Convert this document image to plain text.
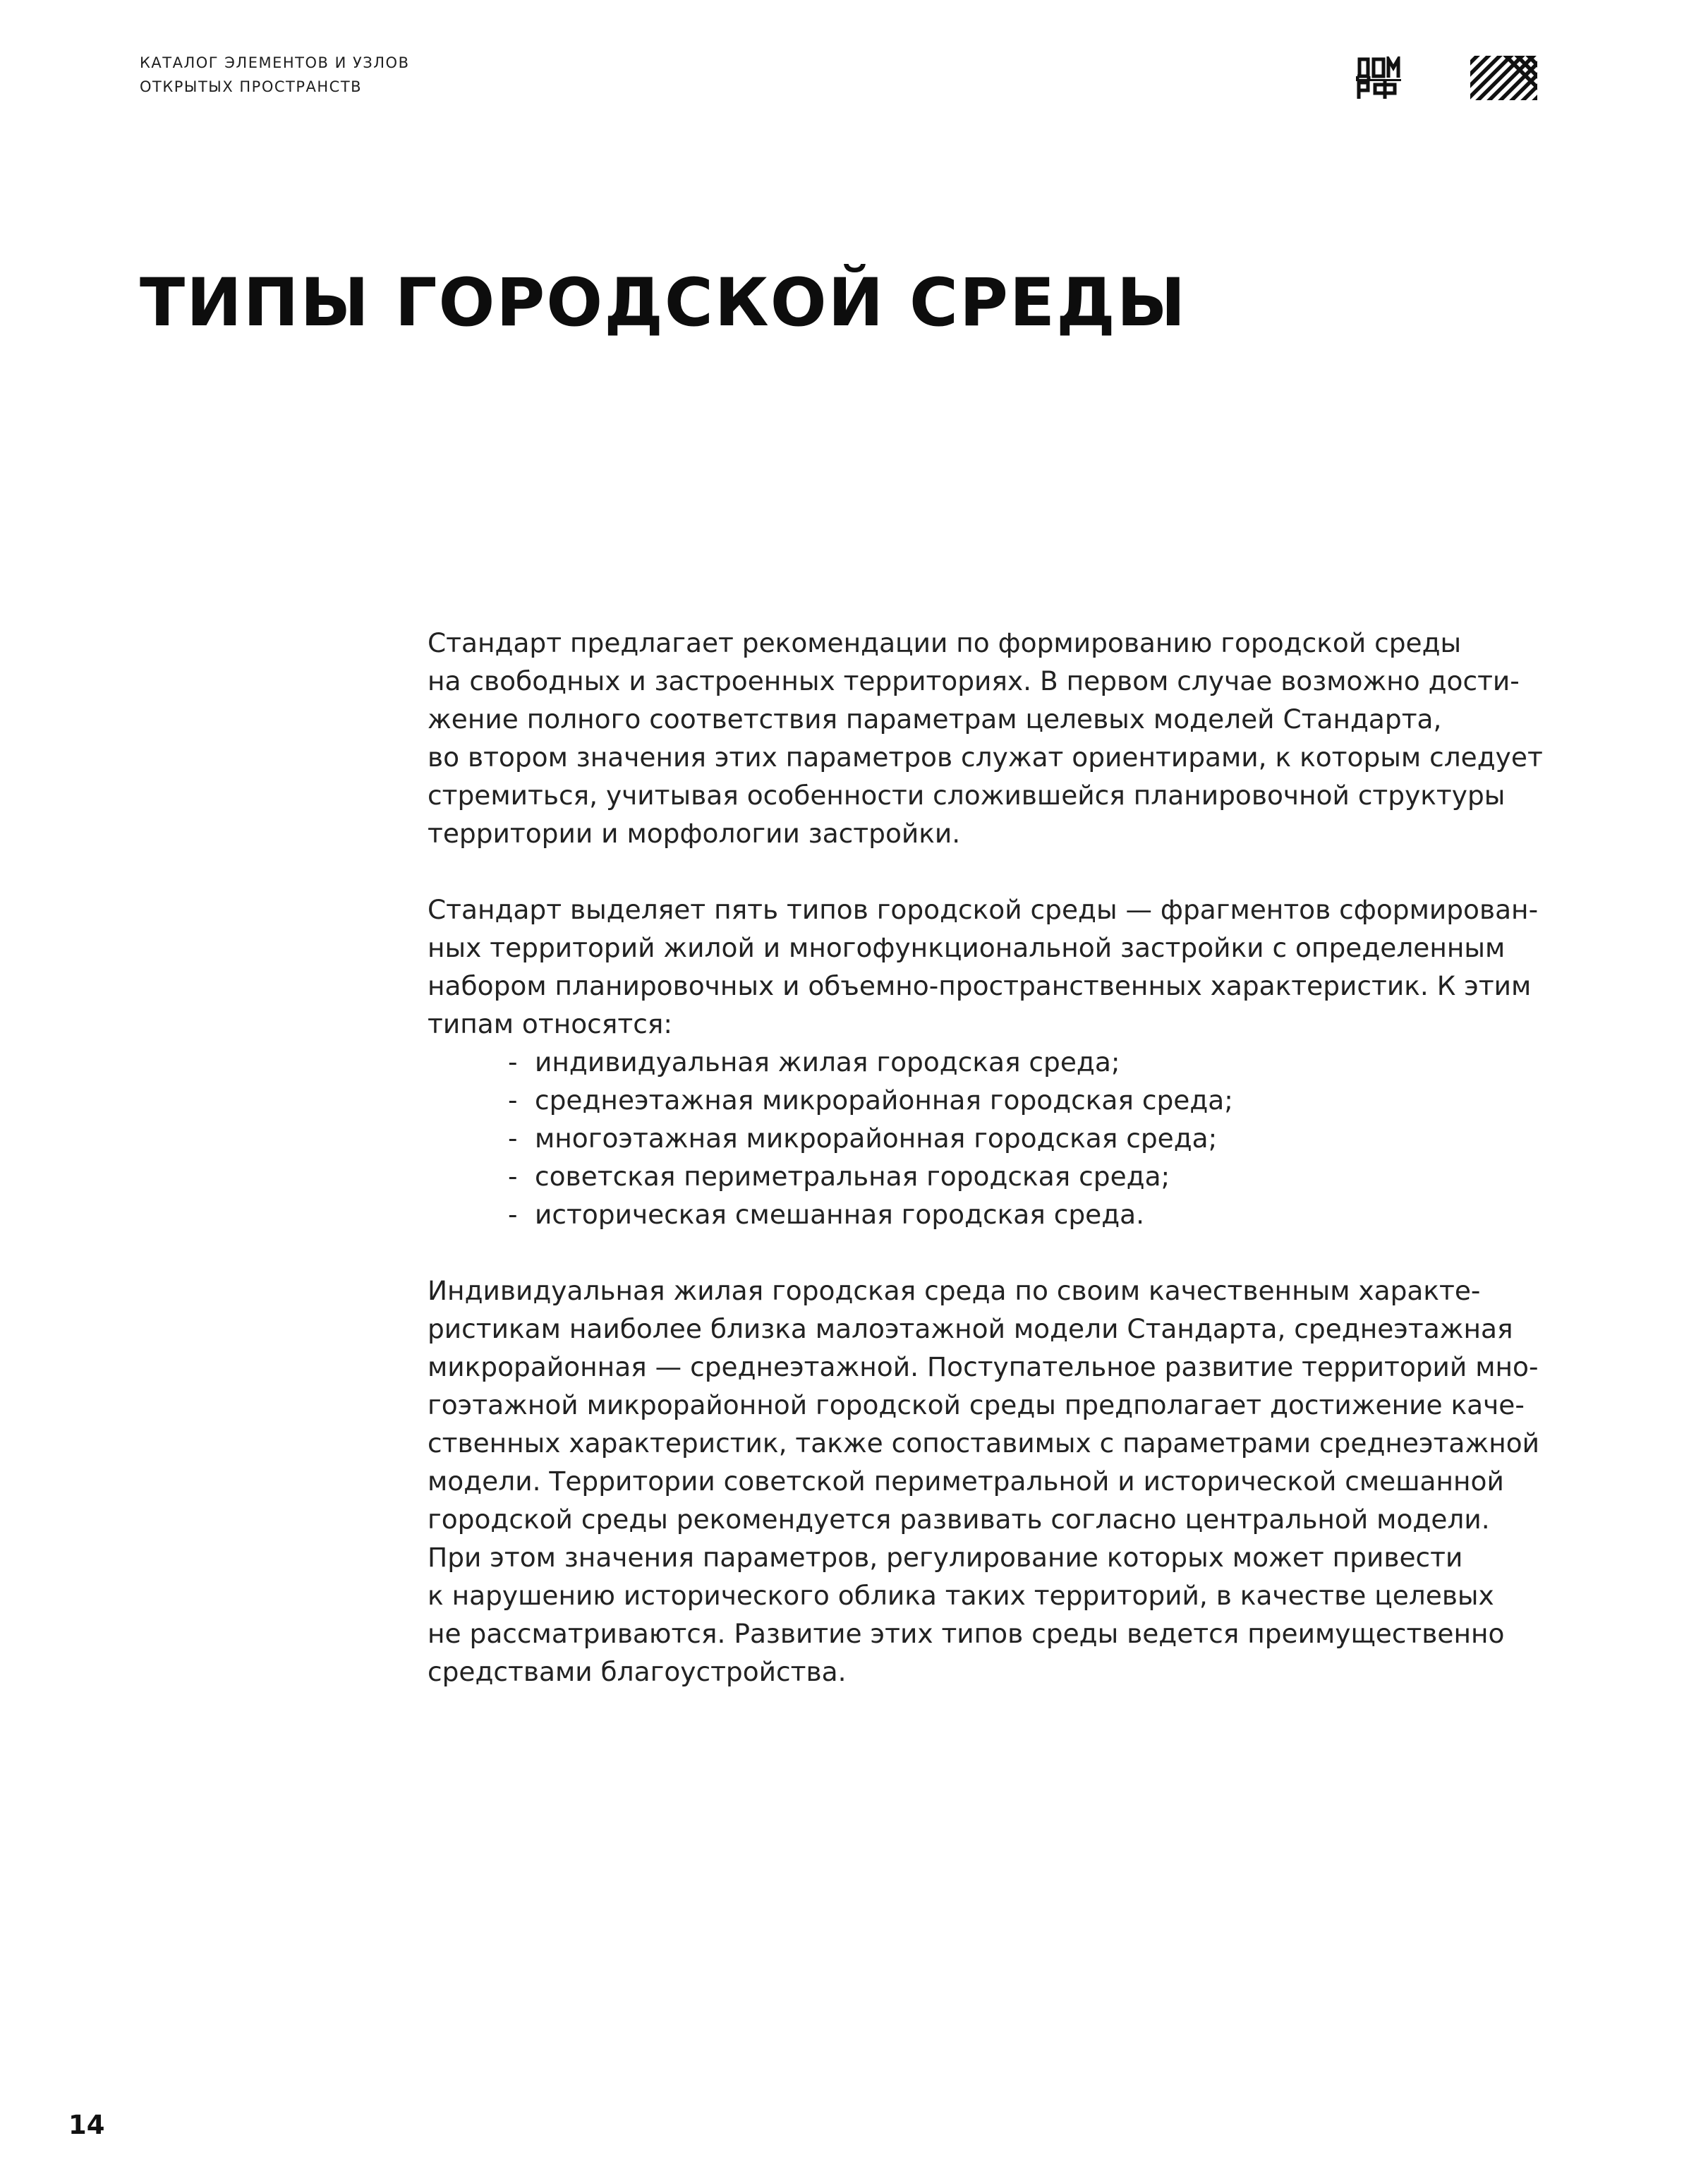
КАТАЛОГ ЭЛЕМЕНТОВ И УЗЛОВ
ОТКРЫТЫХ ПРОСТРАНСТВ
ТИПЫ ГОРОДСКОЙ СРЕДЫ

Стандарт предлагает рекомендации по формированию городской среды
на свободных и застроенных территориях. В первом случае возможно дости-
жение полного соответствия параметрам целевых моделей Стандарта,
во втором значения этих параметров служат ориентирами, к которым следует
стремиться, учитывая особенности сложившейся планировочной структуры
территории и морфологии застройки.

Стандарт выделяет пять типов городской среды — фрагментов сформирован-
ных территорий жилой и многофункциональной застройки с определенным
набором планировочных и объемно-пространственных характеристик. К этим
типам относятся:

- индивидуальная жилая городская среда;
- среднеэтажная микрорайонная городская среда;
- многоэтажная микрорайонная городская среда;
- советская периметральная городская среда;
- историческая смешанная городская среда.

Индивидуальная жилая городская среда по своим качественным характе-
ристикам наиболее близка малоэтажной модели Стандарта, среднеэтажная
микрорайонная — среднеэтажной. Поступательное развитие территорий мно-
гоэтажной микрорайонной городской среды предполагает достижение каче-
ственных характеристик, также сопоставимых с параметрами среднеэтажной
модели. Территории советской периметральной и исторической смешанной
городской среды рекомендуется развивать согласно центральной модели.
При этом значения параметров, регулирование которых может привести
к нарушению исторического облика таких территорий, в качестве целевых
не рассматриваются. Развитие этих типов среды ведется преимущественно
средствами благоустройства.

14
